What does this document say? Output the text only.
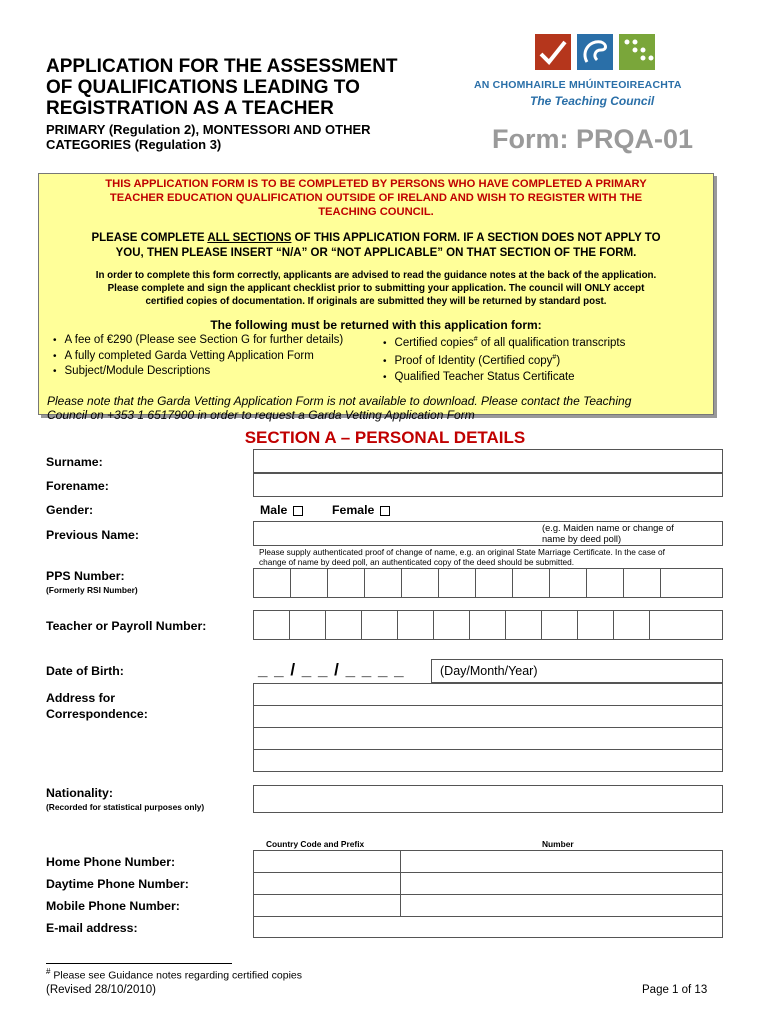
APPLICATION FOR THE ASSESSMENT
OF QUALIFICATIONS LEADING TO
REGISTRATION AS A TEACHER
PRIMARY (Regulation 2), MONTESSORI AND OTHER
CATEGORIES (Regulation 3)
AN CHOMHAIRLE MHÚINTEOIREACHTA
The Teaching Council
Form: PRQA-01
THIS APPLICATION FORM IS TO BE COMPLETED BY PERSONS WHO HAVE COMPLETED A PRIMARY
TEACHER EDUCATION QUALIFICATION OUTSIDE OF IRELAND AND WISH TO REGISTER WITH THE
TEACHING COUNCIL.
PLEASE COMPLETE ALL SECTIONS OF THIS APPLICATION FORM. IF A SECTION DOES NOT APPLY TO
YOU, THEN PLEASE INSERT “N/A” OR “NOT APPLICABLE” ON THAT SECTION OF THE FORM.
In order to complete this form correctly, applicants are advised to read the guidance notes at the back of the application.
Please complete and sign the applicant checklist prior to submitting your application. The council will ONLY accept
certified copies of documentation. If originals are submitted they will be returned by standard post.
The following must be returned with this application form:
• A fee of €290 (Please see Section G for further details)
• A fully completed Garda Vetting Application Form
• Subject/Module Descriptions
• Certified copies# of all qualification transcripts
• Proof of Identity (Certified copy#)
• Qualified Teacher Status Certificate
Please note that the Garda Vetting Application Form is not available to download. Please contact the Teaching
Council on +353 1 6517900 in order to request a Garda Vetting Application Form
SECTION A – PERSONAL DETAILS
Surname:
Forename:
Gender:	Male	Female
Previous Name:	(e.g. Maiden name or change of
name by deed poll)
Please supply authenticated proof of change of name, e.g. an original State Marriage Certificate. In the case of
change of name by deed poll, an authenticated copy of the deed should be submitted.
PPS Number:
(Formerly RSI Number)
Teacher or Payroll Number:
Date of Birth:	_ _ / _ _ / _ _ _ _	(Day/Month/Year)
Address for
Correspondence:
Nationality:
(Recorded for statistical purposes only)
Country Code and Prefix	Number
Home Phone Number:
Daytime Phone Number:
Mobile Phone Number:
E-mail address:
# Please see Guidance notes regarding certified copies
(Revised 28/10/2010)	Page 1 of 13
